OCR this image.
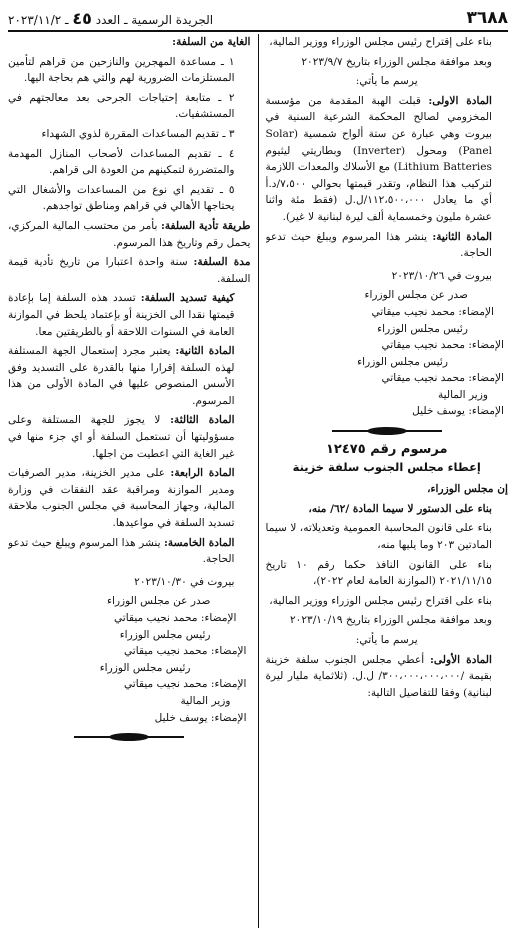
٣٦٨٨
الجريدة الرسمية ـ العدد ٤٥ ـ ٢٠٢٣/١١/٢

بناء على إقتراح رئيس مجلس الوزراء ووزير المالية،

وبعد موافقة مجلس الوزراء بتاريخ ٢٠٢٣/٩/٧

يرسم ما يأتي:

المادة الاولى: قبلت الهبة المقدمة من مؤسسة المخزومي لصالح المحكمة الشرعية السنية في بيروت وهي عبارة عن ستة ألواح شمسية (Solar Panel) ومحول (Inverter) وبطاريتي ليثيوم Lithium Batteries) مع الأسلاك والمعدات اللازمة لتركيب هذا النظام، وتقدر قيمتها بحوالي ٧،٥٠٠/د.أ أي ما يعادل ١١٢،٥٠٠،٠٠٠/ل.ل (فقط مئة واثنا عشرة مليون وخمسماية ألف ليرة لبنانية لا غير).

المادة الثانية: ينشر هذا المرسوم ويبلغ حيث تدعو الحاجة.

بيروت في ٢٠٢٣/١٠/٢٦

صدر عن مجلس الوزراء

الإمضاء: محمد نجيب ميقاتي

رئيس مجلس الوزراء

الإمضاء: محمد نجيب ميقاتي

رئيس مجلس الوزراء

الإمضاء: محمد نجيب ميقاتي

وزير المالية

الإمضاء: يوسف خليل

مرسوم رقم ١٢٤٧٥

إعطاء مجلس الجنوب سلفة خزينة

إن مجلس الوزراء،

بناء على الدستور لا سيما المادة /٦٢/ منه،

بناء على قانون المحاسبة العمومية وتعديلاته، لا سيما المادتين ٢٠٣ وما يليها منه،

بناء على القانون النافذ حكما رقم ١٠ تاريخ ٢٠٢١/١١/١٥ (الموازنة العامة لعام ٢٠٢٢)،

بناء على اقتراح رئيس مجلس الوزراء ووزير المالية،

وبعد موافقة مجلس الوزراء بتاريخ ٢٠٢٣/١٠/١٩

يرسم ما يأتي:

المادة الأولى: أعطي مجلس الجنوب سلفة خزينة بقيمة /٣٠٠،٠٠٠،٠٠٠،٠٠٠/ ل.ل. (ثلاثماية مليار ليرة لبنانية) وفقا للتفاصيل التالية:

الغاية من السلفة:

١ ـ مساعدة المهجرين والنازحين من قراهم لتأمين المستلزمات الضرورية لهم والتي هم بحاجة اليها.

٢ ـ متابعة إحتياجات الجرحى بعد معالجتهم في المستشفيات.

٣ ـ تقديم المساعدات المقررة لذوي الشهداء

٤ ـ تقديم المساعدات لأصحاب المنازل المهدمة والمتضررة لتمكينهم من العودة الى قراهم.

٥ ـ تقديم اي نوع من المساعدات والأشغال التي يحتاجها الأهالي في قراهم ومناطق تواجدهم.

طريقة تأدية السلفة: بأمر من محتسب المالية المركزي، يحمل رقم وتاريخ هذا المرسوم.

مدة السلفة: سنة واحدة اعتبارا من تاريخ تأدية قيمة السلفة.

كيفية تسديد السلفة: تسدد هذه السلفة إما بإعادة قيمتها نقدا الى الخزينة أو بإعتماد يلحظ في الموازنة العامة في السنوات اللاحقة أو بالطريقتين معا.

المادة الثانية: يعتبر مجرد إستعمال الجهة المستلفة لهذه السلفة إقرارا منها بالقدرة على التسديد وفق الأسس المنصوص عليها في المادة الأولى من هذا المرسوم.

المادة الثالثة: لا يجوز للجهة المستلفة وعلى مسؤوليتها أن تستعمل السلفة أو اي جزء منها في غير الغاية التي اعطيت من اجلها.

المادة الرابعة: على مدير الخزينة، مدير الصرفيات ومدير الموازنة ومراقبة عقد النفقات في وزارة المالية، وجهاز المحاسبة في مجلس الجنوب ملاحقة تسديد السلفة في مواعيدها.

المادة الخامسة: ينشر هذا المرسوم ويبلغ حيث تدعو الحاجة.

بيروت في ٢٠٢٣/١٠/٣٠

صدر عن مجلس الوزراء

الإمضاء: محمد نجيب ميقاتي

رئيس مجلس الوزراء

الإمضاء: محمد نجيب ميقاتي

رئيس مجلس الوزراء

الإمضاء: محمد نجيب ميقاتي

وزير المالية

الإمضاء: يوسف خليل
